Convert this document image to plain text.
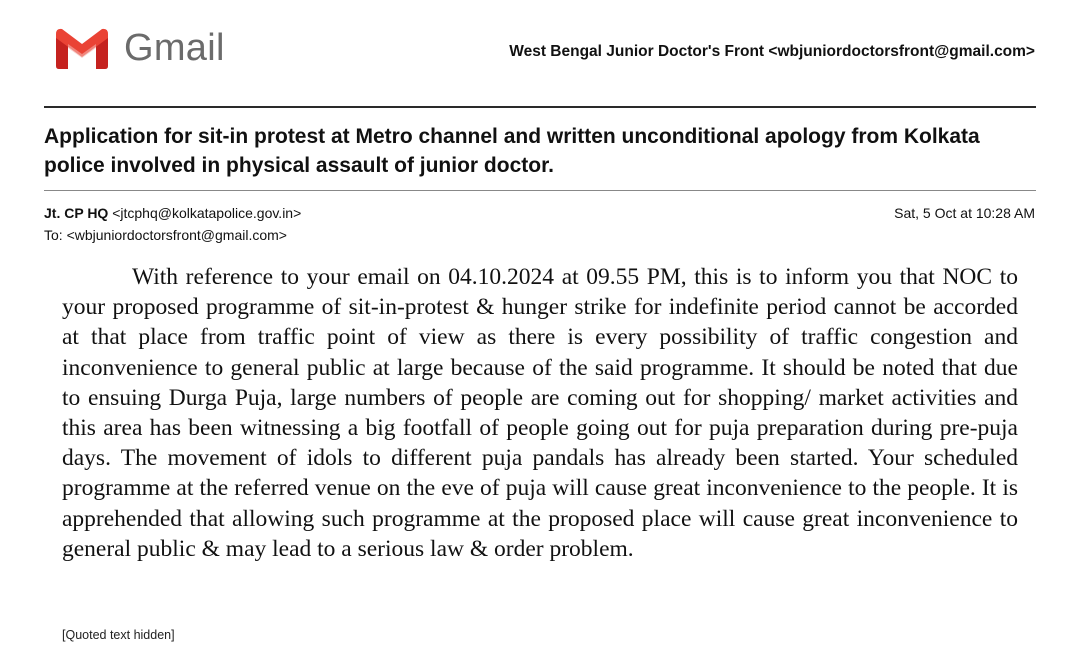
Gmail	West Bengal Junior Doctor's Front <wbjuniordoctorsfront@gmail.com>
Application for sit-in protest at Metro channel and written unconditional apology from Kolkata police involved in physical assault of junior doctor.
Jt. CP HQ <jtcphq@kolkatapolice.gov.in>	Sat, 5 Oct at 10:28 AM
To: <wbjuniordoctorsfront@gmail.com>
With reference to your email on 04.10.2024 at 09.55 PM, this is to inform you that NOC to your proposed programme of sit-in-protest & hunger strike for indefinite period cannot be accorded at that place from traffic point of view as there is every possibility of traffic congestion and inconvenience to general public at large because of the said programme. It should be noted that due to ensuing Durga Puja, large numbers of people are coming out for shopping/ market activities and this area has been witnessing a big footfall of people going out for puja preparation during pre-puja days. The movement of idols to different puja pandals has already been started. Your scheduled programme at the referred venue on the eve of puja will cause great inconvenience to the people. It is apprehended that allowing such programme at the proposed place will cause great inconvenience to general public & may lead to a serious law & order problem.
[Quoted text hidden]
